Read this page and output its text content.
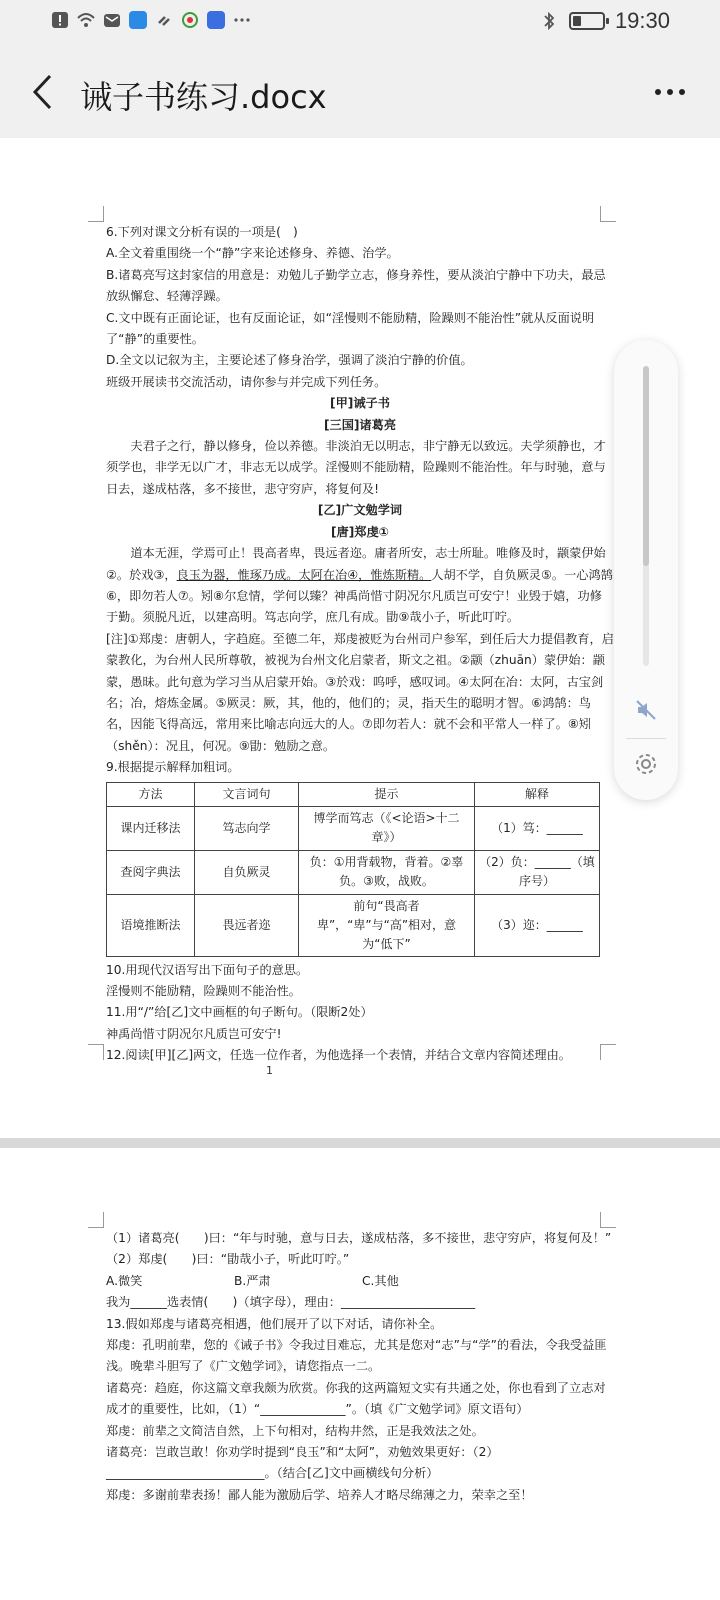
19:30
诫子书练习.docx

6.下列对课文分析有误的一项是(　)

A.全文着重围绕一个“静”字来论述修身、养德、治学。

B.诸葛亮写这封家信的用意是：劝勉儿子勤学立志，修身养性，要从淡泊宁静中下功夫，最忌放纵懈怠、轻薄浮躁。

C.文中既有正面论证，也有反面论证，如“淫慢则不能励精，险躁则不能治性”就从反面说明了“静”的重要性。

D.全文以记叙为主，主要论述了修身治学，强调了淡泊宁静的价值。

班级开展读书交流活动，请你参与并完成下列任务。

[甲]诫子书

[三国]诸葛亮

夫君子之行，静以修身，俭以养德。非淡泊无以明志，非宁静无以致远。夫学须静也，才须学也，非学无以广才，非志无以成学。淫慢则不能励精，险躁则不能治性。年与时驰，意与日去，遂成枯落，多不接世，悲守穷庐，将复何及!

[乙]广文勉学词

[唐]郑虔①

道本无涯，学焉可止！畏高者卑，畏远者迩。庸者所安，志士所耻。唯修及时，颛蒙伊始②。於戏③，良玉为器，惟琢乃成。太阿在冶④，惟炼斯精。人胡不学，自负厥灵⑤。一心鸿鹄⑥，即勿若人⑦。矧⑧尔怠情，学何以臻？神禹尚惜寸阴况尔凡质岂可安宁！业毁于嬉，功修于勤。须脱凡近，以建高明。笃志向学，庶几有成。勖⑨哉小子，听此叮咛。

[注]①郑虔：唐朝人，字趋庭。至德二年，郑虔被贬为台州司户参军，到任后大力提倡教育，启蒙教化，为台州人民所尊敬，被视为台州文化启蒙者，斯文之祖。②颛（zhuān）蒙伊始：颛蒙，愚昧。此句意为学习当从启蒙开始。③於戏：呜呼，感叹词。④太阿在冶：太阿，古宝剑名；冶，熔炼金属。⑤厥灵：厥，其，他的，他们的；灵，指天生的聪明才智。⑥鸿鹄：鸟名，因能飞得高远，常用来比喻志向远大的人。⑦即勿若人：就不会和平常人一样了。⑧矧（shěn）：况且，何况。⑨勖：勉励之意。

9.根据提示解释加粗词。

方法	文言词句	提示	解释
课内迁移法	笃志向学	博学而笃志（《<论语>十二章》）	（1）笃：______
查阅字典法	自负厥灵	负：①用背载物，背着。②辜负。③败，战败。	（2）负：______（填序号）
语境推断法	畏远者迩	前句“畏高者卑”，“卑”与“高”相对，意为“低下”	（3）迩：______

10.用现代汉语写出下面句子的意思。

淫慢则不能励精，险躁则不能治性。

11.用“/”给[乙]文中画框的句子断句。（限断2处）

神禹尚惜寸阴况尔凡质岂可安宁!

12.阅读[甲][乙]两文，任选一位作者，为他选择一个表情，并结合文章内容简述理由。

1

（1）诸葛亮(　　)曰：“年与时驰，意与日去，遂成枯落，多不接世，悲守穷庐，将复何及！”

（2）郑虔(　　)曰：“勖哉小子，听此叮咛。”

A.微笑	B.严肃	C.其他

我为______选表情(　　)（填字母），理由：______________________

13.假如郑虔与诸葛亮相遇，他们展开了以下对话，请你补全。

郑虔：孔明前辈，您的《诫子书》令我过目难忘，尤其是您对“志”与“学”的看法，令我受益匪浅。晚辈斗胆写了《广文勉学词》，请您指点一二。

诸葛亮：趋庭，你这篇文章我颇为欣赏。你我的这两篇短文实有共通之处，你也看到了立志对成才的重要性，比如，（1）“______________”。（填《广文勉学词》原文语句）

郑虔：前辈之文简洁自然，上下句相对，结构井然，正是我效法之处。

诸葛亮：岂敢岂敢！你劝学时提到“良玉”和“太阿”，劝勉效果更好：（2）__________________________。（结合[乙]文中画横线句分析）

郑虔：多谢前辈表扬！鄙人能为激励后学、培养人才略尽绵薄之力，荣幸之至！
